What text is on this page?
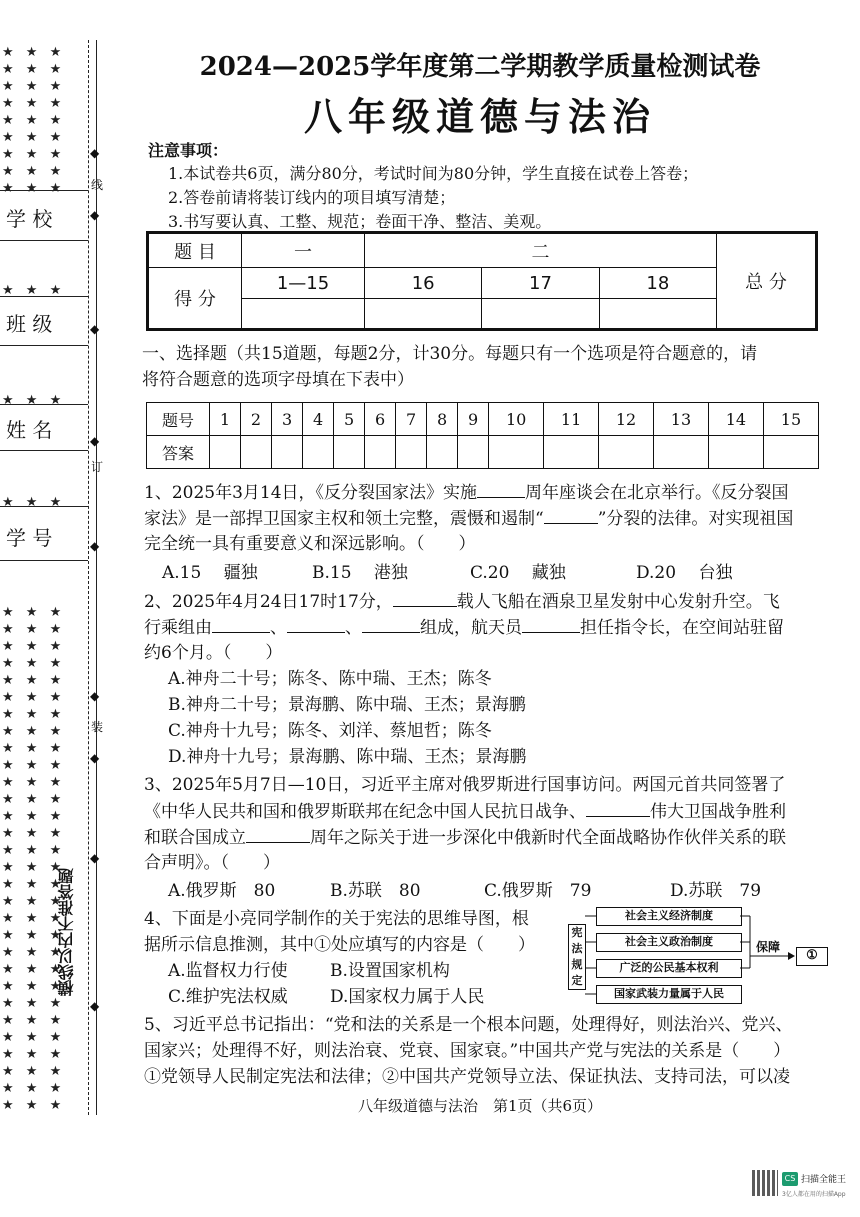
★ ★ ★ ★ ★ ★ ★ ★ ★ ★ ★ ★ ★ ★ ★ ★ ★ ★ ★ ★ ★ ★ ★ ★ ★ ★ ★
★ ★ ★ ★ ★ ★ ★ ★ ★ ★ ★ ★ ★ ★ ★ ★ ★ ★ ★ ★ ★ ★ ★ ★ ★ ★ ★ ★ ★ ★ ★ ★ ★ ★ ★ ★ ★ ★ ★ ★ ★ ★ ★ ★ ★ ★ ★ ★ ★ ★ ★ ★ ★ ★ ★ ★ ★ ★ ★ ★ ★ ★ ★ ★ ★ ★ ★ ★ ★ ★ ★ ★ ★ ★ ★ ★ ★ ★ ★ ★ ★ ★ ★ ★ ★ ★ ★ ★ ★ ★
★ ★ ★
★ ★ ★
★ ★ ★
◆
◆
◆
◆
◆
◆
◆
◆
◆
线
订
装
学 校
班 级
姓 名
学 号
横线以内不准答题
2024—2025学年度第二学期教学质量检测试卷
八年级道德与法治
注意事项：
1.本试卷共6页，满分80分，考试时间为80分钟，学生直接在试卷上答卷；
2.答卷前请将装订线内的项目填写清楚；
3.书写要认真、工整、规范；卷面干净、整洁、美观。
题 目	一	二			总 分
得 分	1—15	16	17	18	

一、选择题（共15道题，每题2分，计30分。每题只有一个选项是符合题意的，请
将符合题意的选项字母填在下表中）
题号	1	2	3	4	5	6	7	8	9	10	11	12	13	14	15
答案															
1、2025年3月14日，《反分裂国家法》实施	周年座谈会在北京举行。《反分裂国
家法》是一部捍卫国家主权和领土完整，震慑和遏制“	”分裂的法律。对实现祖国
完全统一具有重要意义和深远影响。（　　）
A.15　 疆独	B.15　 港独	C.20　 藏独	D.20　 台独
2、2025年4月24日17时17分，	载人飞船在酒泉卫星发射中心发射升空。飞
行乘组由	、	、	组成，航天员	担任指令长，在空间站驻留
约6个月。（　　）
A.神舟二十号；陈冬、陈中瑞、王杰；陈冬
B.神舟二十号；景海鹏、陈中瑞、王杰；景海鹏
C.神舟十九号；陈冬、刘洋、蔡旭哲；陈冬
D.神舟十九号；景海鹏、陈中瑞、王杰；景海鹏
3、2025年5月7日—10日，习近平主席对俄罗斯进行国事访问。两国元首共同签署了
《中华人民共和国和俄罗斯联邦在纪念中国人民抗日战争、	伟大卫国战争胜利
和联合国成立	周年之际关于进一步深化中俄新时代全面战略协作伙伴关系的联
合声明》。（　　）
A.俄罗斯　80	B.苏联　80	C.俄罗斯　79	D.苏联　79
4、下面是小亮同学制作的关于宪法的思维导图，根
据所示信息推测，其中①处应填写的内容是（　　）
A.监督权力行使 B.设置国家机构
C.维护宪法权威 D.国家权力属于人民
宪法规定
社会主义经济制度
社会主义政治制度
广泛的公民基本权利
国家武装力量属于人民
保障
①
5、习近平总书记指出：“党和法的关系是一个根本问题，处理得好，则法治兴、党兴、
国家兴；处理得不好，则法治衰、党衰、国家衰。”中国共产党与宪法的关系是（　　）
①党领导人民制定宪法和法律；②中国共产党领导立法、保证执法、支持司法，可以凌
八年级道德与法治　第1页（共6页）
CS 扫描全能王
3亿人都在用的扫描App
